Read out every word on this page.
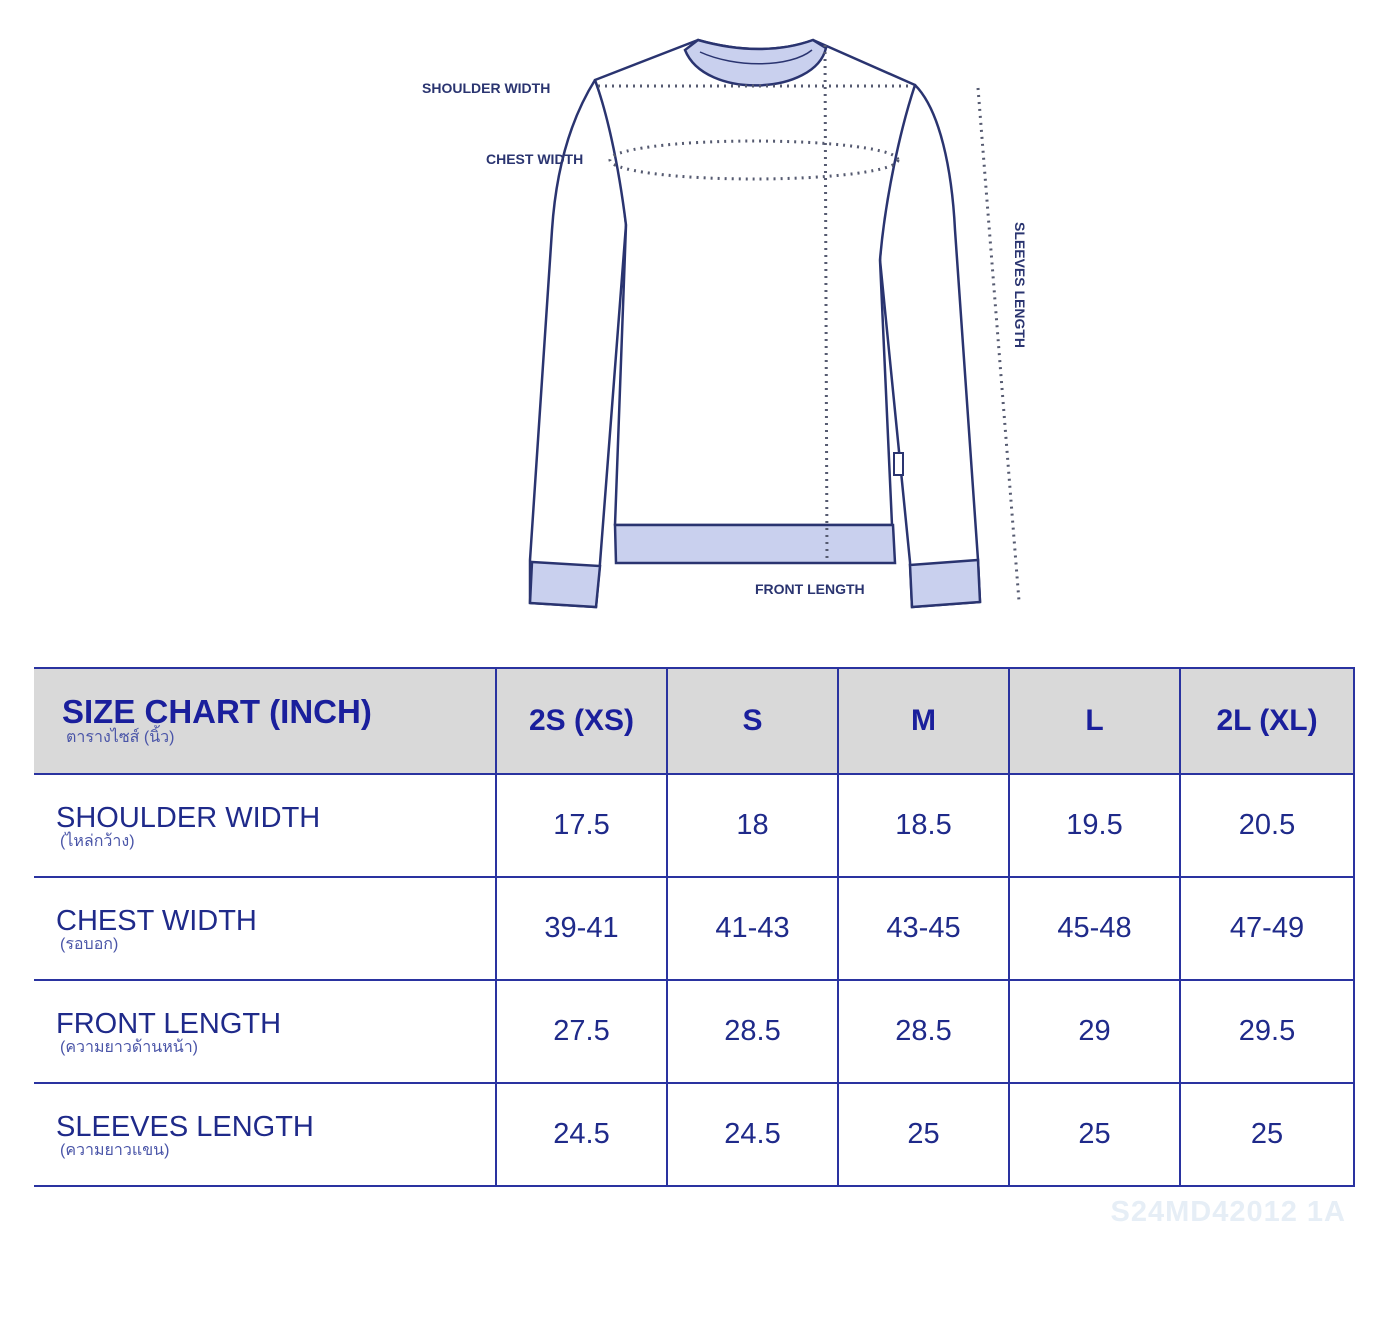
SHOULDER WIDTH
CHEST WIDTH
FRONT LENGTH
SLEEVES LENGTH
SIZE CHART (INCH)
ตารางไซส์ (นิ้ว)	2S (XS)	S	M	L	2L (XL)

SHOULDER WIDTH
(ไหล่กว้าง)	17.5	18	18.5	19.5	20.5

CHEST WIDTH
(รอบอก)	39-41	41-43	43-45	45-48	47-49

FRONT LENGTH
(ความยาวด้านหน้า)	27.5	28.5	28.5	29	29.5

SLEEVES LENGTH
(ความยาวแขน)	24.5	24.5	25	25	25
S24MD42012 1A
